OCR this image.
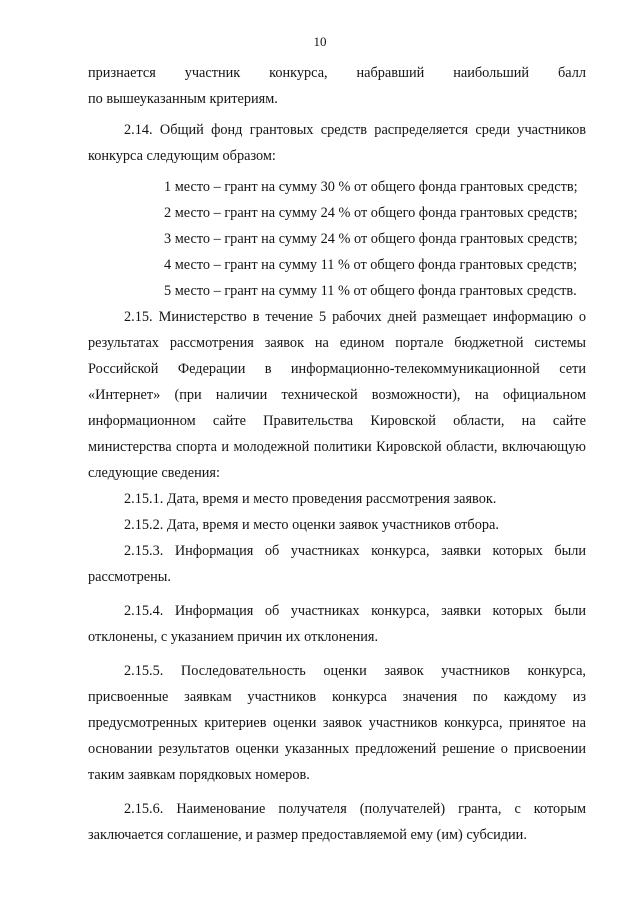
10
признается участник конкурса, набравший наибольший балл

по вышеуказанным критериям.

2.14. Общий фонд грантовых средств распределяется среди участников конкурса следующим образом:

1 место – грант на сумму 30 % от общего фонда грантовых средств;
2 место – грант на сумму 24 % от общего фонда грантовых средств;
3 место – грант на сумму 24 % от общего фонда грантовых средств;
4 место – грант на сумму 11 % от общего фонда грантовых средств;
5 место – грант на сумму 11 % от общего фонда грантовых средств.

2.15. Министерство в течение 5 рабочих дней размещает информацию о результатах рассмотрения заявок на едином портале бюджетной системы Российской Федерации в информационно-телекоммуникационной сети «Интернет» (при наличии технической возможности), на официальном информационном сайте Правительства Кировской области, на сайте министерства спорта и молодежной политики Кировской области, включающую следующие сведения:

2.15.1. Дата, время и место проведения рассмотрения заявок.

2.15.2. Дата, время и место оценки заявок участников отбора.

2.15.3. Информация об участниках конкурса, заявки которых были рассмотрены.

2.15.4. Информация об участниках конкурса, заявки которых были отклонены, с указанием причин их отклонения.

2.15.5. Последовательность оценки заявок участников конкурса, присвоенные заявкам участников конкурса значения по каждому из предусмотренных критериев оценки заявок участников конкурса, принятое на основании результатов оценки указанных предложений решение о присвоении таким заявкам порядковых номеров.

2.15.6. Наименование получателя (получателей) гранта, с которым заключается соглашение, и размер предоставляемой ему (им) субсидии.
